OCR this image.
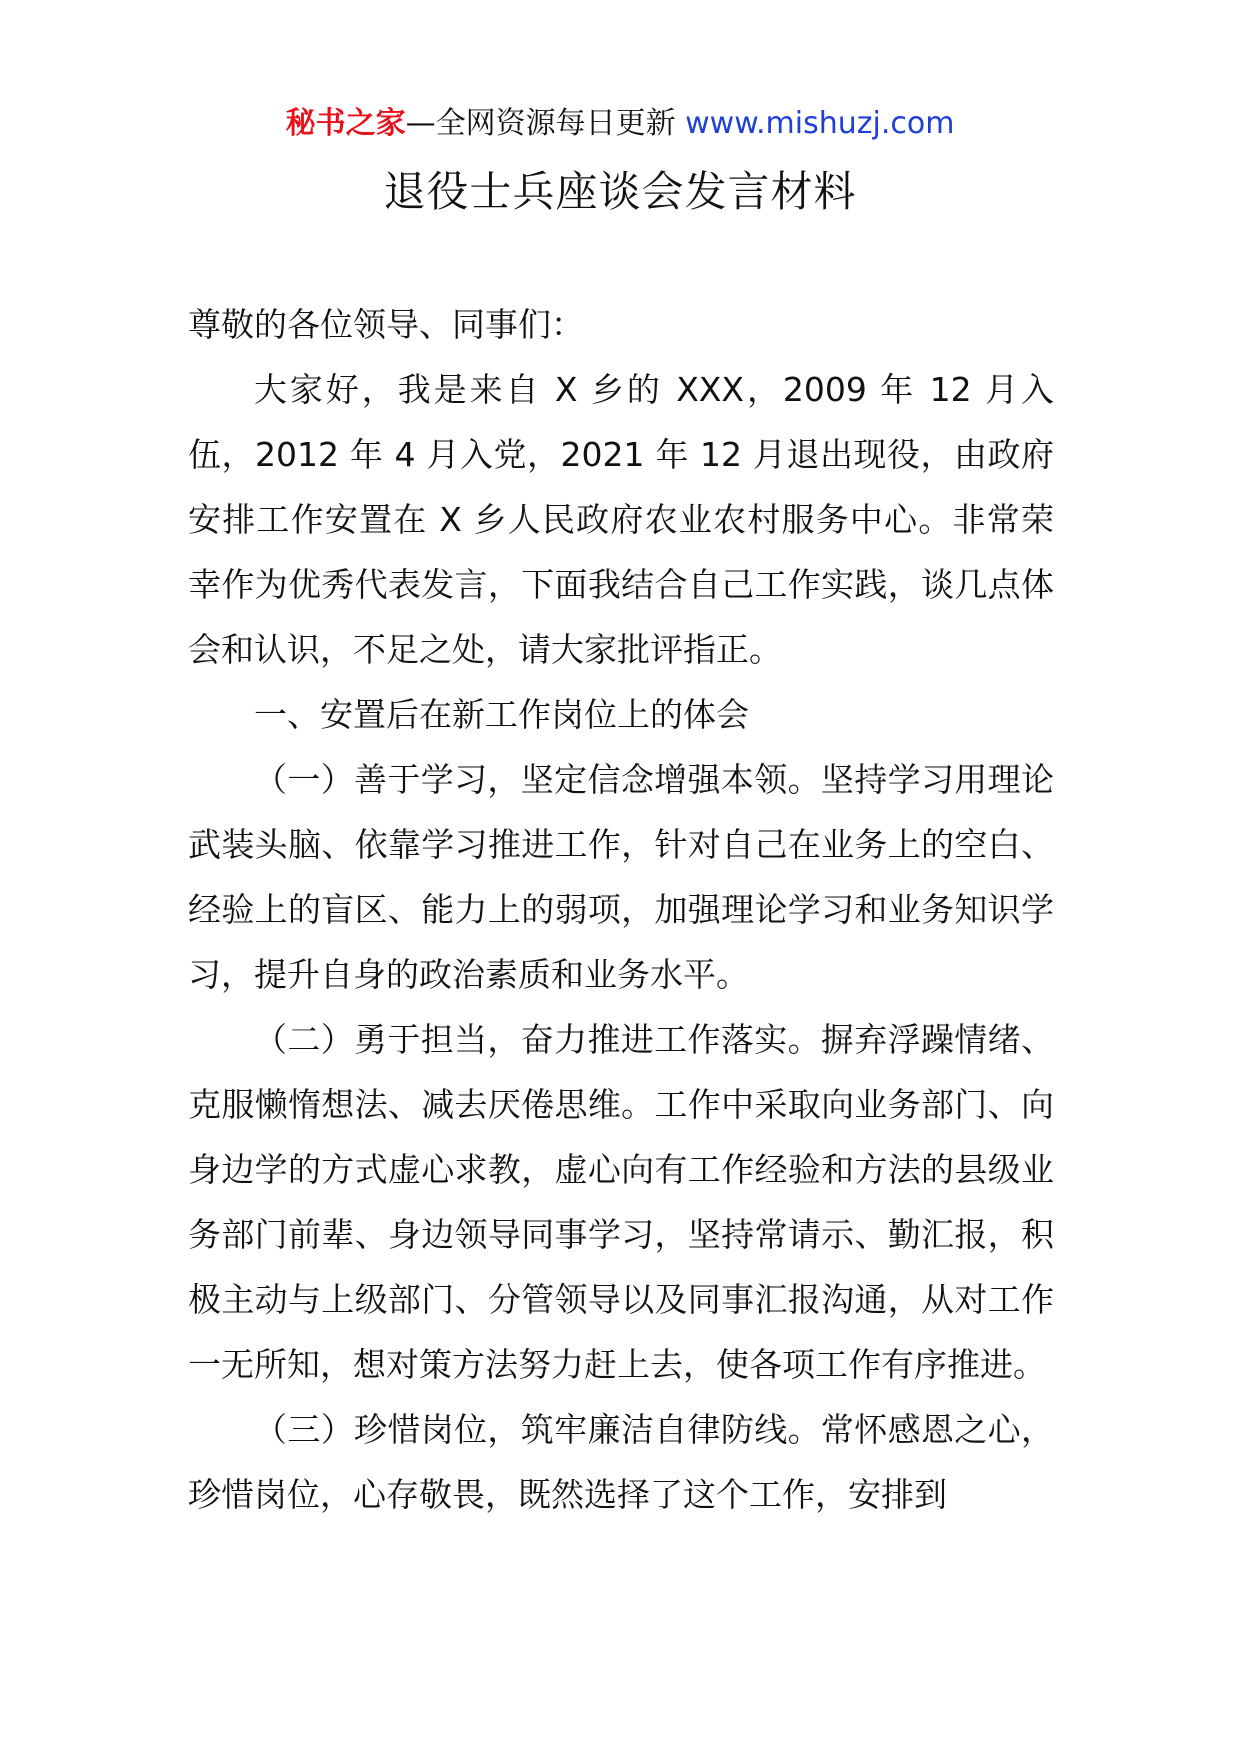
秘书之家—全网资源每日更新 www.mishuzj.com
退役士兵座谈会发言材料

尊敬的各位领导、同事们：

大家好，我是来自 X 乡的 XXX，2009 年 12 月入伍，2012 年 4 月入党，2021 年 12 月退出现役，由政府安排工作安置在 X 乡人民政府农业农村服务中心。非常荣幸作为优秀代表发言，下面我结合自己工作实践，谈几点体会和认识，不足之处，请大家批评指正。

一、安置后在新工作岗位上的体会

（一）善于学习，坚定信念增强本领。坚持学习用理论武装头脑、依靠学习推进工作，针对自己在业务上的空白、经验上的盲区、能力上的弱项，加强理论学习和业务知识学习，提升自身的政治素质和业务水平。

（二）勇于担当，奋力推进工作落实。摒弃浮躁情绪、克服懒惰想法、减去厌倦思维。工作中采取向业务部门、向身边学的方式虚心求教，虚心向有工作经验和方法的县级业务部门前辈、身边领导同事学习，坚持常请示、勤汇报，积极主动与上级部门、分管领导以及同事汇报沟通，从对工作一无所知，想对策方法努力赶上去，使各项工作有序推进。

（三）珍惜岗位，筑牢廉洁自律防线。常怀感恩之心，珍惜岗位，心存敬畏，既然选择了这个工作，安排到
